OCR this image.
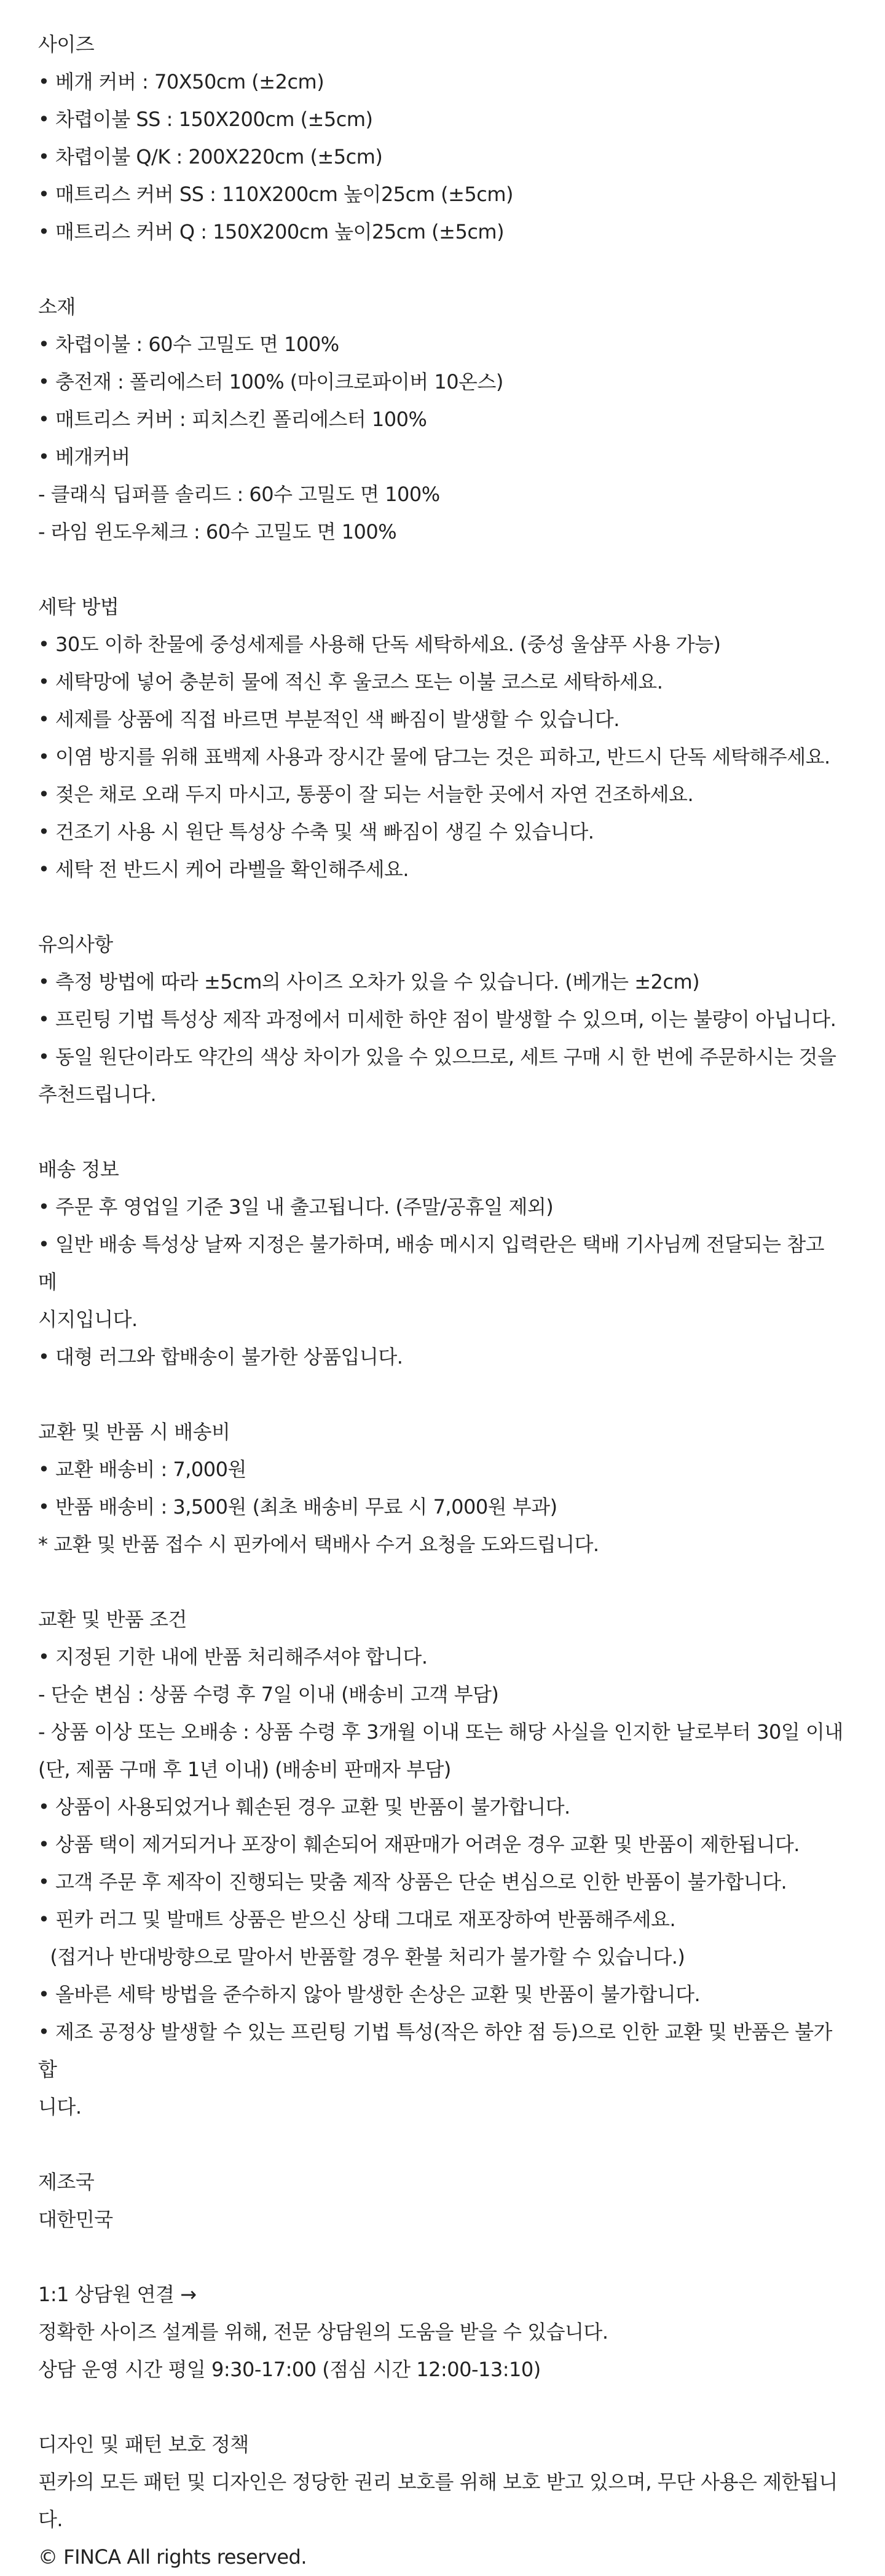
사이즈

• 베개 커버 : 70X50cm (±2cm)

• 차렵이불 SS : 150X200cm (±5cm)

• 차렵이불 Q/K : 200X220cm (±5cm)

• 매트리스 커버 SS : 110X200cm 높이25cm (±5cm)

• 매트리스 커버 Q : 150X200cm 높이25cm (±5cm)

소재

• 차렵이불 : 60수 고밀도 면 100%

• 충전재 : 폴리에스터 100% (마이크로파이버 10온스)

• 매트리스 커버 : 피치스킨 폴리에스터 100%

• 베개커버

- 클래식 딥퍼플 솔리드 : 60수 고밀도 면 100%

- 라임 윈도우체크 : 60수 고밀도 면 100%

세탁 방법

• 30도 이하 찬물에 중성세제를 사용해 단독 세탁하세요. (중성 울샴푸 사용 가능)

• 세탁망에 넣어 충분히 물에 적신 후 울코스 또는 이불 코스로 세탁하세요.

• 세제를 상품에 직접 바르면 부분적인 색 빠짐이 발생할 수 있습니다.

• 이염 방지를 위해 표백제 사용과 장시간 물에 담그는 것은 피하고, 반드시 단독 세탁해주세요.

• 젖은 채로 오래 두지 마시고, 통풍이 잘 되는 서늘한 곳에서 자연 건조하세요.

• 건조기 사용 시 원단 특성상 수축 및 색 빠짐이 생길 수 있습니다.

• 세탁 전 반드시 케어 라벨을 확인해주세요.

유의사항

• 측정 방법에 따라 ±5cm의 사이즈 오차가 있을 수 있습니다. (베개는 ±2cm)

• 프린팅 기법 특성상 제작 과정에서 미세한 하얀 점이 발생할 수 있으며, 이는 불량이 아닙니다.

• 동일 원단이라도 약간의 색상 차이가 있을 수 있으므로, 세트 구매 시 한 번에 주문하시는 것을

추천드립니다.

배송 정보

• 주문 후 영업일 기준 3일 내 출고됩니다. (주말/공휴일 제외)

• 일반 배송 특성상 날짜 지정은 불가하며, 배송 메시지 입력란은 택배 기사님께 전달되는 참고 메

시지입니다.

• 대형 러그와 합배송이 불가한 상품입니다.

교환 및 반품 시 배송비

• 교환 배송비 : 7,000원

• 반품 배송비 : 3,500원 (최초 배송비 무료 시 7,000원 부과)

* 교환 및 반품 접수 시 핀카에서 택배사 수거 요청을 도와드립니다.

교환 및 반품 조건

• 지정된 기한 내에 반품 처리해주셔야 합니다.

- 단순 변심 : 상품 수령 후 7일 이내 (배송비 고객 부담)

- 상품 이상 또는 오배송 : 상품 수령 후 3개월 이내 또는 해당 사실을 인지한 날로부터 30일 이내

(단, 제품 구매 후 1년 이내) (배송비 판매자 부담)

• 상품이 사용되었거나 훼손된 경우 교환 및 반품이 불가합니다.

• 상품 택이 제거되거나 포장이 훼손되어 재판매가 어려운 경우 교환 및 반품이 제한됩니다.

• 고객 주문 후 제작이 진행되는 맞춤 제작 상품은 단순 변심으로 인한 반품이 불가합니다.

• 핀카 러그 및 발매트 상품은 받으신 상태 그대로 재포장하여 반품해주세요.

(접거나 반대방향으로 말아서 반품할 경우 환불 처리가 불가할 수 있습니다.)

• 올바른 세탁 방법을 준수하지 않아 발생한 손상은 교환 및 반품이 불가합니다.

• 제조 공정상 발생할 수 있는 프린팅 기법 특성(작은 하얀 점 등)으로 인한 교환 및 반품은 불가합

니다.

제조국

대한민국

1:1 상담원 연결 →

정확한 사이즈 설계를 위해, 전문 상담원의 도움을 받을 수 있습니다.

상담 운영 시간 평일 9:30-17:00 (점심 시간 12:00-13:10)

디자인 및 패턴 보호 정책

핀카의 모든 패턴 및 디자인은 정당한 권리 보호를 위해 보호 받고 있으며, 무단 사용은 제한됩니

다.

© FINCA All rights reserved.
